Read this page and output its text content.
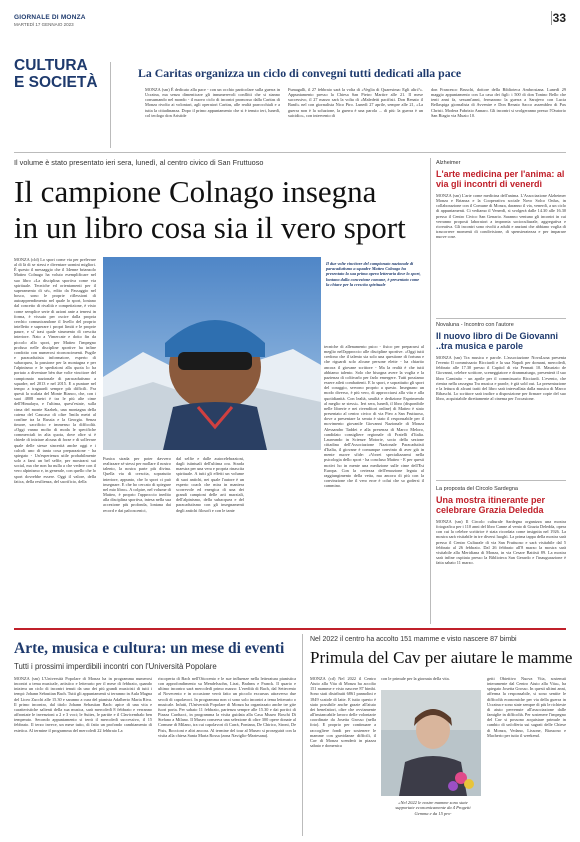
GIORNALE DI MONZA
MARTEDÌ 17 GENNAIO 2023	33
CULTURA
E SOCIETÀ
La Caritas organizza un ciclo di convegni tutti dedicati alla pace
MONZA (sm) È dedicato alla pace - con un occhio particolare sulla guerra in Ucraina, ma senza dimenticare gli innumerevoli conflitti che si stanno consumando nel mondo - il nuovo ciclo di incontri promosso dalla Caritas di Monza rivolto ai volontari, agli operatori Caritas, alle realtà parrocchiali e a tutta la cittadinanza. Dopo il primo appuntamento che si è tenuto ieri, lunedì, col teologo don Aristide
Fumagalli, il 27 febbraio sarà la volta di «Veglia di Quaresima: Egli altri?». Appuntamento presso la Chiesa San Pietro Martire alle 21. Il mese successivo, il 27 marzo sarà la volta di «Maledetti pacifisti. Don Renato il Banfi» nel con giornalista Nico Piro. Lunedì 27 aprile, sempre alle 21, «La guerra non è la soluzione, la guerra è una parola ... di più: la guerra è un suicidio», con intervento di
don Francesco Bruschi, dottore della Biblioteca Ambrosiana. Lunedì 29 maggio appuntamento con La casa dei figli: i 500 di don Tonino Bello che tenti anni fa, sessant'anni, fermarono la guerra a Sarajevo con Lucia Bellaspiga giornalista di Avvenire e Don Renato Sacco assembleo di Pax Christi. Modera Fabrizio Annaro. Gli incontri si svolgeranno presso l'Oratorio San Biagio via Muzio 10.
Il volume è stato presentato ieri sera, lunedì, al centro civico di San Fruttuoso
Il campione Colnago insegna
in un libro cosa sia il vero sport
MONZA (cld) Lo sport come via per prelevare al di là di se stessi e diventare uomini migliori. È questo il messaggio che il 34enne brianzolo Matteo Colnago ha voluto esemplificare nel suo libro «La disciplina sportiva come via spirituale. Tecniche ed orientamenti per il superamento di sé», edito da Passaggio nel bosco, sono le proprie riflessioni di autoapprendimento nel quale lo sport, lontano dal concetto di rivalità e competizione, è visto come semplice serie di azioni ante a tenersi in forma, è vissuto per oscire dalla propria cerchio comunicandone il livello del proprio intelletto e superare i propri limiti e le proprie paure, e si' trasi quale strumento di crescita interiore. Nato a Vimercate e dotto fin da piccolo allo sport, per Matteo l'impegno profuso nelle discipline sportive ha infine condotto con numerosi riconoscimenti. Pugile e paracadutista informatore, esperto di subacquea, la passione per la montagna e per l'alpinismo e le spedizioni alla quota lo ha portato a diventare bèn due volte vincitore del campionato nazionale di paracadutismo a squadre, nel 2013 e nel 2015. E a puntare nel tempo a traguardi sempre più difficili. Fra questi la scalata del Monte Bianco, che, con i suoi 4808 metri è tra le più alte cime dell'Himalaya, e l'ultima, quest'estate, sulla cima del monte Kazbek, una montagna della catena del Caucaso di oltre 5mila metri al confine tra la Russia e la Georgia. Senza timore, sacrificio e immenso la difficoltà. «Oggi vanno molto di moda le specifiche commerciali in alta quota, dove oltre si è chiede di iniziare alcuna di forze e di sollevare quale delle stesse sincerità anche oggi e i calcoli uno di tanta cosa preparazione - ha spiegato - Un'esperienza utile probabilmente solo a farsi un bel selfie, per mostrarsi sui social, ma che non ha nulla a che vedere con il vero alpinismo e, in generale, con quello che lo sport dovrebbe essere. Oggi il valore, della fatica, della resilienza, del sacrificio, della
Il due volte vincitore del campionato nazionale di paracadutismo a squadre Matteo Colnago ha presentato la sua prima opera letteraria dove lo sport, lontano dalla concezione comune, è presentato come la chiave per la crescita spirituale
Funica strada per poter davvero realizzare sé stessi per mollare il nostro talento, la nostra parte più divina. Quella via di crescita, sopratutto interiore, appunto, che lo sport ci può insegnare. E che ho cercato di spiegare nel mio libro». A colpire, nel volume di Matteo, è proprio l'approccio inedito alla disciplina sportiva, intesa nella sua accezione più profonda, lontana dai record e dai palcoscenici,
dal selfie e dalle autocelebrazioni, dagli istintuali dell'ultima ora. Strada maestra per una vera e propria rinascita spirituale. A tutti gli effetti un volume di suoi antichi, nei quale l'autore è un esperto coach che mira in maniera scorrevole ed energica di una dei grandi campioni delle arti marziali, dell'alpinismo, della subacquea e del paracadutismo con gli insegnamenti degli antichi filosofi e con le tante
tecniche di allenamento psico - fisico per prepararsi al meglio nell'approccio alle discipline sportive. «Oggi tutti credono che il talento sia solo una questione di fortuna e che riguardi solo alcune persone elette - ha chiarito ancora il giovane scrittore - Ma la realtà è che tutti abbiamo talento. Solo che bisogna avere la voglia e la pazienza di coltivarlo per farlo emergere. Tutti possiamo essere atleti combattenti. E lo sport, e soprattutto gli sport del coraggio, servono proprio a questo. Insegnano un modo diverso, è più vero, di approcciarsi alla vita e alla quotidianità. Con lealtà, umiltà e dedizione Esprimendo al meglio se stessi». Ieri sera, lunedì, il libro (disponibile nelle librerie e nei rivenditori online) di Matteo è stato presentato al centro civico di via Pieo a San Fruttuoso, dove a presentare la serata è stato il responsabile per il movimento giovanile Giovanni Nazionale di Monza Alessandro Taddei e alla presenza di Marco Meloro, candidato consigliere regionale di Fratelli d'Italia. Laureando in Scienze Motorie, socio della sezione cittadina dell'Associazione Nazionale Paracadutisti d'Italia, il giovane è comunque convinto di aver già in mente nuove sfide: «Vorrei specializzarmi nella psicologia dello sport - ha concluso Matteo - E per questi motivi ho in mente una medizione sulle cime dell'Est Europa. Con la certezza dell'emozione legata al raggiungimento della vetta, ma ancora di più con la convinzione che il vero eroe è colui che so godersi il cammino.
Alzheimer
L'arte medicina per l'anima: al via gli incontri di venerdì
MONZA (sm) L'arte come medicina dell'anima. L'Associazione Alzheimer Monza e Brianza e la Cooperativa sociale Novo Solco Onlus, in collaborazione con il Comune di Monza, daranno il via, venerdì, a un ciclo di appuntamenti. Ci vediamo il Venerdì, si svolgerà dalle 14.30 alle 16.30 presso il Centro Civico San Genario. Saranno ventuno gli incontri in cui verranno proposti laboratori a impronta socioculturale, aggregativa e ricreativa. Gli incontri sono rivolti a adulti e anziani che abbiano voglia di trascorrere momenti di condivisione, di spensieratezza e per imparare nuove cose.
Novaluna - Incontro con l'autore
Il nuovo libro di De Giovanni
..tra musica e parole
MONZA (sm) Tra musica e parole. L'associazione NovaLuna presenta l'evento Il commissario Ricciardi e la sua Napoli per domani, mercoledì, febbraio alle 17.30 presso il Capitol di via Pennati 10. Maurizio de Giovanni, celebre scrittore, sceneggiatore e drammaturgo, presenterà il suo libro Caminito - un aprile per il commissario Ricciardi. L'evento, che rientra nella rassegna Tra musica e parole, è già sold out. La presentazione e la lettura di alcuni tratti del libro sarà intervallata dalla musica di Marco Ribaschi. Lo scrittore sarà inoltre a disposizione per firmare copie del suo libro, acquistabile direttamente al cinema per l'occasione.
La proposta del Circolo Sardegna
Una mostra itinerante per
celebrare Grazia Deledda
MONZA (sm) Il Circolo culturale Sardegna organizza una mostra fotografica per i 110 anni del libro Canne al vento di Grazia Deledda, opera con cui la celebre scrittrice è stata ricordata come insignita nel 1926. La mostra sarà visitabile in tre diversi luoghi. La prima tappa della mostra sarà presso il Centro Culturale di via San Fruttuoso e sarà visitabile dal 5 febbraio al 26 febbraio. Dal 26 febbraio all'8 marzo la mostra sarà visitabile alla Meridiana di Monza, in via Cesare Battisti 89. La mostra sarà infine ospitata presso la Biblioteca San Gerardo e l'inaugurazione è fatta sabato 11 marzo.
Arte, musica e cultura: un mese di eventi
Tutti i prossimi imperdibili incontri con l'Università Popolare
MONZA (sm) L'Università Popolare di Monza ha in programma numerosi incontri a tema musicale, artistico e letterario per il mese di febbraio, quando iniziera un ciclo di incontri tenuti da uno dei più grandi musicisti di tutti i tempi: Johann Sebastian Bach. Tutti gli appuntamenti si terranno in Aula Magna del Liceo Zucchi alle 15.30 e saranno a cura del pianista Adalberto Maria Riva. Il primo incontro, dal titolo Johann Sebastian Bach: apice di una vita e caratteristiche salienti della sua musica, sarà mercoledì 8 febbraio e verranno affrontate le invenzioni a 2 e 3 voci; le Suites, le partite e il Clavicembalo ben temperato. Secondo appuntamento si terrà il mercoledì successivo, il 15 febbraio. Il terzo invece, un mese tutto, di fatto un profondo cambiamento di estetica. Al termine il programma del mercoledì 22 febbraio La
riscoperta di Bach nell'Ottocento e le sue influenze nella letteratura pianistica con approfondimento su Mendelssohn, Liszt, Brahms e Franck. Il quarto e ultimo incontro sarà mercoledì primo marzo: L'eredità di Bach, dal Settecento al Novecento e in occasione verrà fatto un piccolo excursus attraverso due secoli di capolavori. In programma non ci sono solo incontri a tema letterario o musicale. Infatti, l'Università Popolare di Monza ha organizzato anche tre gite fuori porta. Per sabato 11 febbraio, partenza sempre alle 15.30 e dai portici di Piazza Carducci, in programma la visita guidata alla Casa Museo Boschi Di Stefano a Milano. Il Museo conserva una selezione di oltre 300 opere donate al Comune di Milano, tra cui capolavori di Carrà, Fontana, De Chirico, Sironi, De Pisis, Boccioni e altri ancora. Al termine del tour al Museo si proseguirà con la visita alla chiesa Santa Maria Rossa (zona Naviglio-Martesana).
Nel 2022 il centro ha accolto 151 mamme e visto nascere 87 bimbi
Primula del Cav per aiutare le mamme
MONZA (cd) Nel 2022 il Centro Aiuto alla Vita di Monza ha accolto 151 mamme e visto nascere 87 bimbi. Sono stati distribuiti 6861 pannolini e 1849 scatole di latte. E tutto questo è stato possibile anche grazie all'aiuto dei benefattori, oltre che ovviamente all'instancabile lavoro delle volontarie coordinate da Josetta Grosso (nella foto). E proprio per continuare a raccogliere fondi per sostenere le mamme con gravidanze difficili, il Cav di Monza scenderà in piazza sabato e domenica
con le primule per la giornata della vita.
«Nel 2022 le nostre mamme sono state supportate economicamente da 4 Progetti Gemma e da 15 pro-
getti Obiettivo Nuova Vita, sostenuti interamente dal Centro Aiuto alla Vita», ha spiegato Josetta Grosso. In questi ultimi anni, afferma la responsabile, si sono sentite le difficoltà economiche per via della guerra in Ucraina e sono state sempre di più le richieste di aiuto pervenute all'associazione dalle famiglie in difficoltà. Per sostenere l'impegno del Cav si possono acquistare primule in cambio di un'offerta sui sagrati delle Chiese di Monza, Vedano, Lissone, Biassono e Macherio per tutto il weekend.
